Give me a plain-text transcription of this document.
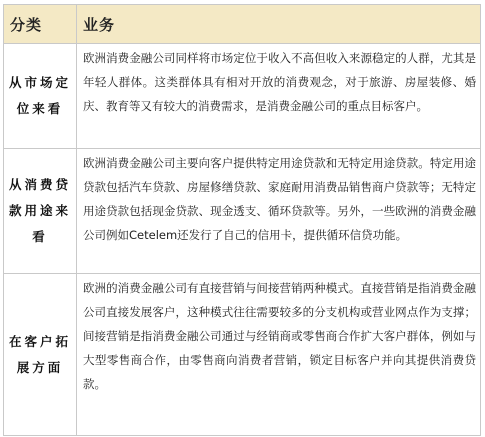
分类	业务
从市场定位来看	欧洲消费金融公司同样将市场定位于收入不高但收入来源稳定的人群，尤其是年轻人群体。这类群体具有相对开放的消费观念，对于旅游、房屋装修、婚庆、教育等又有较大的消费需求，是消费金融公司的重点目标客户。
从消费贷款用途来看	欧洲消费金融公司主要向客户提供特定用途贷款和无特定用途贷款。特定用途贷款包括汽车贷款、房屋修缮贷款、家庭耐用消费品销售商户贷款等；无特定用途贷款包括现金贷款、现金透支、循环贷款等。另外，一些欧洲的消费金融公司例如Cetelem还发行了自己的信用卡，提供循环信贷功能。
在客户拓展方面	欧洲的消费金融公司有直接营销与间接营销两种模式。直接营销是指消费金融公司直接发展客户，这种模式往往需要较多的分支机构或营业网点作为支撑；间接营销是指消费金融公司通过与经销商或零售商合作扩大客户群体，例如与大型零售商合作，由零售商向消费者营销，锁定目标客户并向其提供消费贷款。
